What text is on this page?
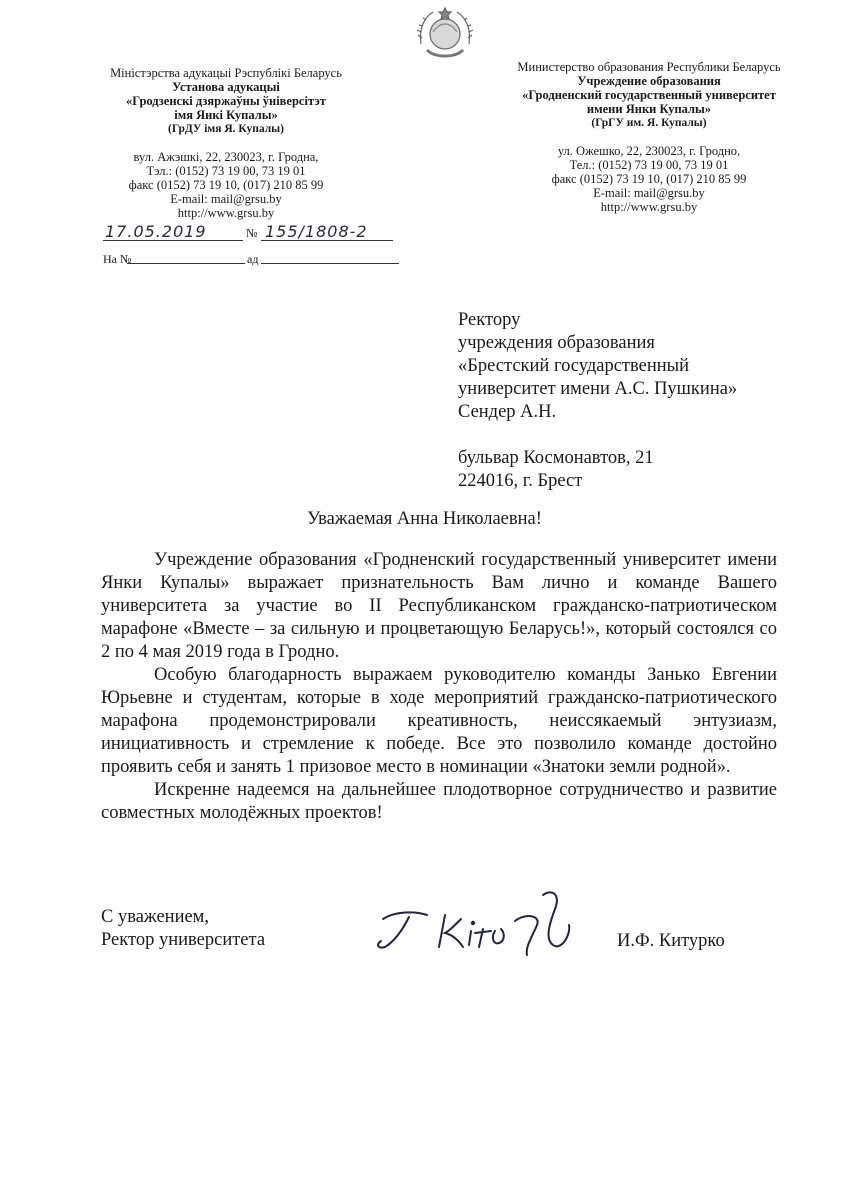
Міністэрства адукацыі Рэспублікі Беларусь
Установа адукацыі
«Гродзенскі дзяржаўны ўніверсітэт
імя Янкі Купалы»
(ГрДУ імя Я. Купалы)
вул. Ажэшкі, 22, 230023, г. Гродна,
Тэл.: (0152) 73 19 00, 73 19 01
факс (0152) 73 19 10, (017) 210 85 99
E-mail: mail@grsu.by
http://www.grsu.by
Министерство образования Республики Беларусь
Учреждение образования
«Гродненский государственный университет
имени Янки Купалы»
(ГрГУ им. Я. Купалы)
ул. Ожешко, 22, 230023, г. Гродно,
Тел.: (0152) 73 19 00, 73 19 01
факс (0152) 73 19 10, (017) 210 85 99
E-mail: mail@grsu.by
http://www.grsu.by
17.05.2019	№ 155/1808-2
На №	ад
Ректору
учреждения образования
«Брестский государственный
университет имени А.С. Пушкина»
Сендер А.Н.
бульвар Космонавтов, 21
224016, г. Брест
Уважаемая Анна Николаевна!

Учреждение образования «Гродненский государственный университет имени Янки Купалы» выражает признательность Вам лично и команде Вашего университета за участие во II Республиканском гражданско-патриотическом марафоне «Вместе – за сильную и процветающую Беларусь!», который состоялся со 2 по 4 мая 2019 года в Гродно.

Особую благодарность выражаем руководителю команды Занько Евгении Юрьевне и студентам, которые в ходе мероприятий гражданско-патриотического марафона продемонстрировали креативность, неиссякаемый энтузиазм, инициативность и стремление к победе. Все это позволило команде достойно проявить себя и занять 1 призовое место в номинации «Знатоки земли родной».

Искренне надеемся на дальнейшее плодотворное сотрудничество и развитие совместных молодёжных проектов!

С уважением,
Ректор университета	И.Ф. Китурко
